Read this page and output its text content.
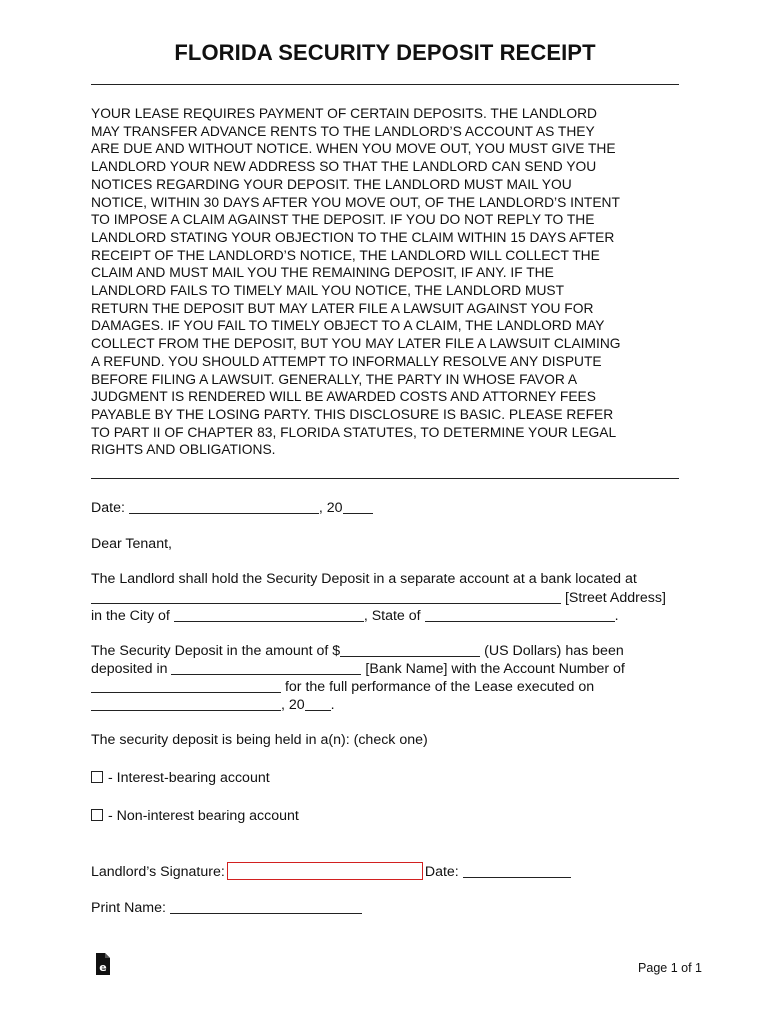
FLORIDA SECURITY DEPOSIT RECEIPT
YOUR LEASE REQUIRES PAYMENT OF CERTAIN DEPOSITS. THE LANDLORD
MAY TRANSFER ADVANCE RENTS TO THE LANDLORD’S ACCOUNT AS THEY
ARE DUE AND WITHOUT NOTICE. WHEN YOU MOVE OUT, YOU MUST GIVE THE
LANDLORD YOUR NEW ADDRESS SO THAT THE LANDLORD CAN SEND YOU
NOTICES REGARDING YOUR DEPOSIT. THE LANDLORD MUST MAIL YOU
NOTICE, WITHIN 30 DAYS AFTER YOU MOVE OUT, OF THE LANDLORD’S INTENT
TO IMPOSE A CLAIM AGAINST THE DEPOSIT. IF YOU DO NOT REPLY TO THE
LANDLORD STATING YOUR OBJECTION TO THE CLAIM WITHIN 15 DAYS AFTER
RECEIPT OF THE LANDLORD’S NOTICE, THE LANDLORD WILL COLLECT THE
CLAIM AND MUST MAIL YOU THE REMAINING DEPOSIT, IF ANY. IF THE
LANDLORD FAILS TO TIMELY MAIL YOU NOTICE, THE LANDLORD MUST
RETURN THE DEPOSIT BUT MAY LATER FILE A LAWSUIT AGAINST YOU FOR
DAMAGES. IF YOU FAIL TO TIMELY OBJECT TO A CLAIM, THE LANDLORD MAY
COLLECT FROM THE DEPOSIT, BUT YOU MAY LATER FILE A LAWSUIT CLAIMING
A REFUND. YOU SHOULD ATTEMPT TO INFORMALLY RESOLVE ANY DISPUTE
BEFORE FILING A LAWSUIT. GENERALLY, THE PARTY IN WHOSE FAVOR A
JUDGMENT IS RENDERED WILL BE AWARDED COSTS AND ATTORNEY FEES
PAYABLE BY THE LOSING PARTY. THIS DISCLOSURE IS BASIC. PLEASE REFER
TO PART II OF CHAPTER 83, FLORIDA STATUTES, TO DETERMINE YOUR LEGAL
RIGHTS AND OBLIGATIONS.

Date:	, 20

Dear Tenant,

The Landlord shall hold the Security Deposit in a separate account at a bank located at

[Street Address]

in the City of	, State of	.

The Security Deposit in the amount of $	(US Dollars) has been

deposited in	[Bank Name] with the Account Number of

for the full performance of the Lease executed on

, 20 .

The security deposit is being held in a(n): (check one)

- Interest-bearing account

- Non-interest bearing account

Landlord’s Signature:	Date:

Print Name:

e	Page 1 of 1
